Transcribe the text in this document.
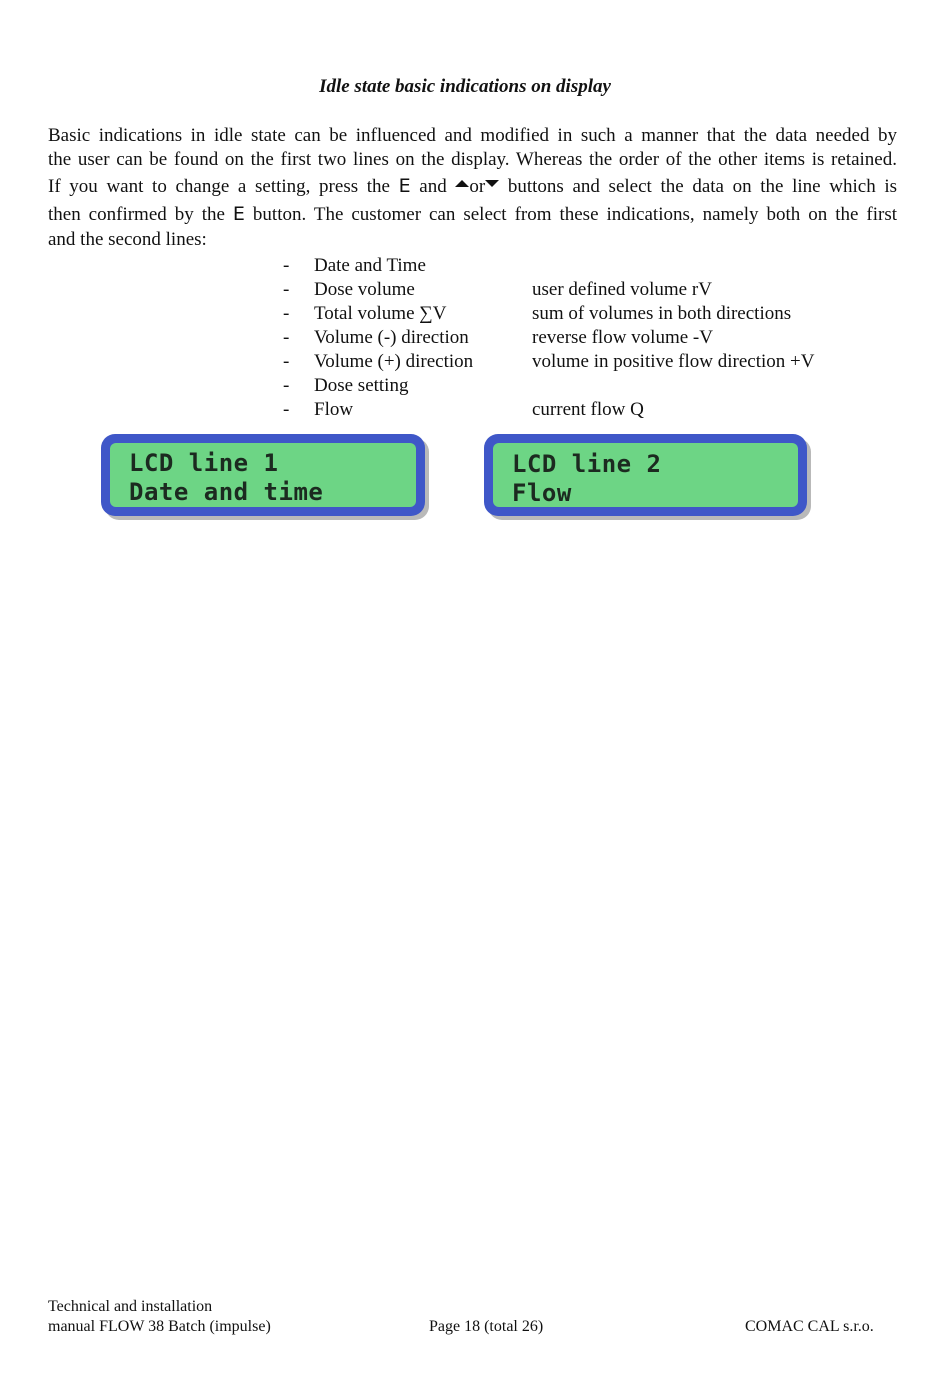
Idle state basic indications on display
Basic indications in idle state can be influenced and modified in such a manner that the data needed by
the user can be found on the first two lines on the display. Whereas the order of the other items is retained.
If you want to change a setting, press the E and or buttons and select the data on the line which is
then confirmed by the E button. The customer can select from these indications, namely both on the first
and the second lines:
- Date and Time
- Dose volume	user defined volume rV
- Total volume ∑V	sum of volumes in both directions
- Volume (-) direction	reverse flow volume -V
- Volume (+) direction	volume in positive flow direction +V
- Dose setting
- Flow	current flow Q
LCD line 1
Date and time
LCD line 2
Flow
Technical and installation
manual FLOW 38 Batch (impulse)	Page 18 (total 26)	COMAC CAL s.r.o.
